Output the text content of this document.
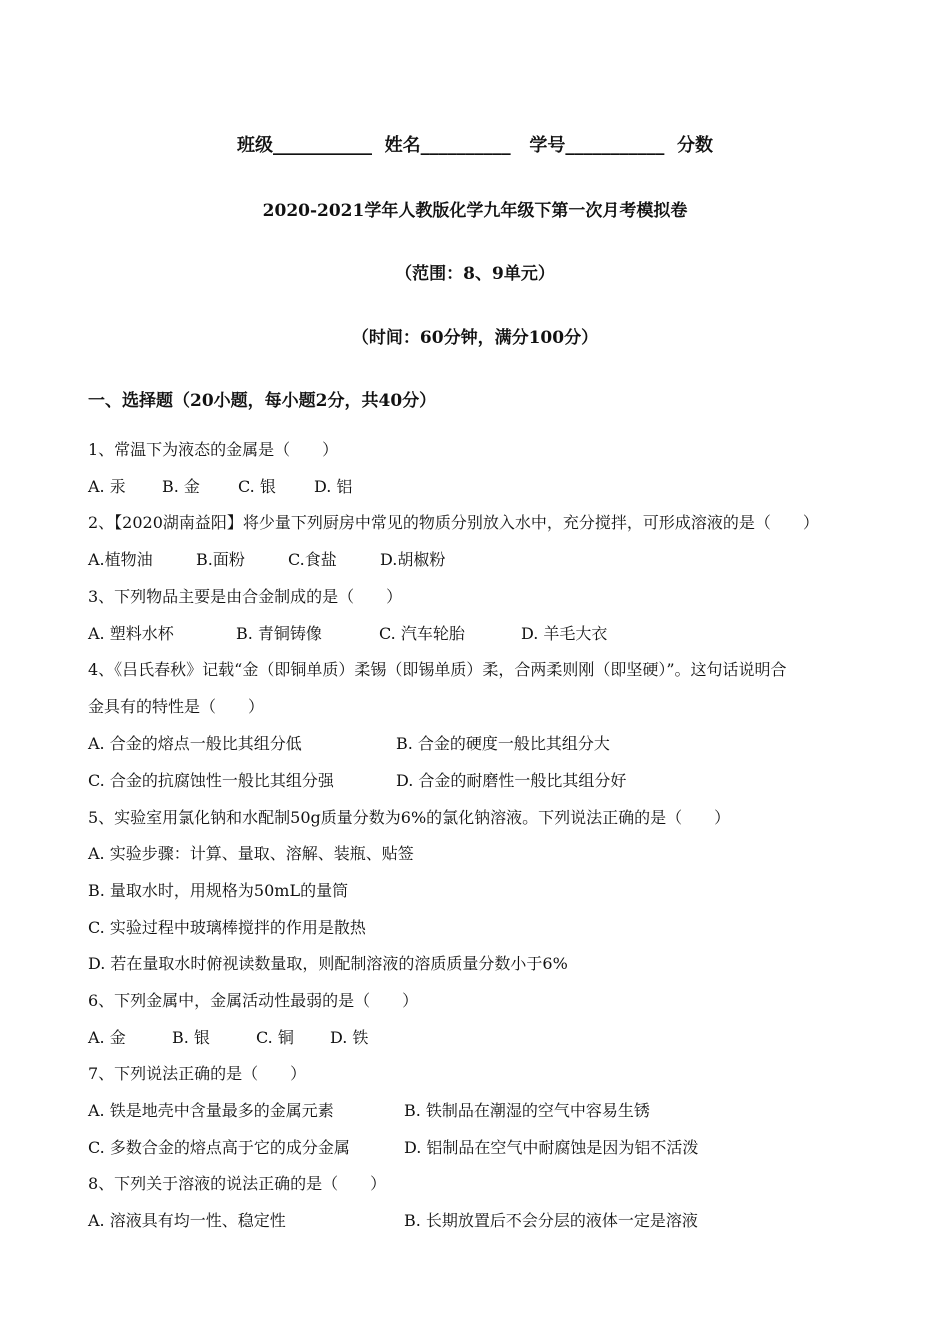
班级___________  姓名__________   学号___________  分数
2020-2021学年人教版化学九年级下第一次月考模拟卷
（范围：8、9单元）
（时间：60分钟，满分100分）
一、选择题（20小题，每小题2分，共40分）
1、常温下为液态的金属是（　　）
A. 汞 B. 金 C. 银 D. 铝
2、【2020湖南益阳】将少量下列厨房中常见的物质分别放入水中，充分搅拌，可形成溶液的是（　　）
A.植物油	B.面粉	C.食盐	D.胡椒粉
3、下列物品主要是由合金制成的是（　　）
A. 塑料水杯	B. 青铜铸像	C. 汽车轮胎	D. 羊毛大衣
4、《吕氏春秋》记载“金（即铜单质）柔锡（即锡单质）柔，合两柔则刚（即坚硬）”。这句话说明合
金具有的特性是（　　）
A. 合金的熔点一般比其组分低	B. 合金的硬度一般比其组分大
C. 合金的抗腐蚀性一般比其组分强	D. 合金的耐磨性一般比其组分好
5、实验室用氯化钠和水配制50g质量分数为6%的氯化钠溶液。下列说法正确的是（　　）
A. 实验步骤：计算、量取、溶解、装瓶、贴签
B. 量取水时，用规格为50mL的量筒
C. 实验过程中玻璃棒搅拌的作用是散热
D. 若在量取水时俯视读数量取，则配制溶液的溶质质量分数小于6%
6、下列金属中，金属活动性最弱的是（　　）
A. 金	B. 银	C. 铜 D. 铁
7、下列说法正确的是（　　）
A. 铁是地壳中含量最多的金属元素	B. 铁制品在潮湿的空气中容易生锈
C. 多数合金的熔点高于它的成分金属	D. 铝制品在空气中耐腐蚀是因为铝不活泼
8、下列关于溶液的说法正确的是（　　）
A. 溶液具有均一性、稳定性	B. 长期放置后不会分层的液体一定是溶液
